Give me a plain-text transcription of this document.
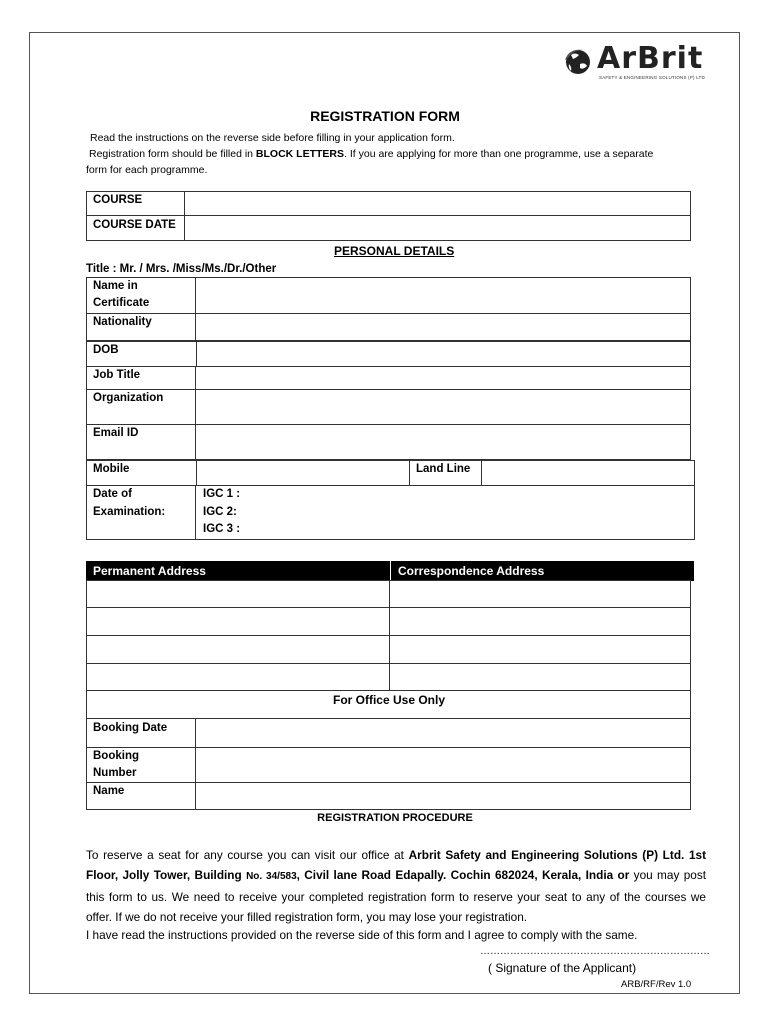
ArBrit
SAFETY & ENGINEERING SOLUTIONS (P) LTD
REGISTRATION FORM
Read the instructions on the reverse side before filling in your application form.
Registration form should be filled in BLOCK LETTERS. If you are applying for more than one programme, use a separate
form for each programme.
COURSE
COURSE DATE
PERSONAL DETAILS
Title : Mr. / Mrs. /Miss/Ms./Dr./Other
Name in
Certificate
Nationality
DOB
Job Title
Organization
Email ID
Mobile	Land Line
Date of
Examination:
IGC 1 :
IGC 2:
IGC 3 :
Permanent Address	Correspondence Address
For Office Use Only
Booking Date
Booking
Number
Name
REGISTRATION PROCEDURE
To reserve a seat for any course you can visit our office at Arbrit Safety and Engineering Solutions (P) Ltd. 1st Floor, Jolly Tower, Building No. 34/583, Civil lane Road Edapally. Cochin 682024, Kerala, India or you may post this form to us. We need to receive your completed registration form to reserve your seat to any of the courses we offer. If we do not receive your filled registration form, you may lose your registration.
I have read the instructions provided on the reverse side of this form and I agree to comply with the same.
……………………………………………………………
( Signature of the Applicant)
ARB/RF/Rev 1.0
